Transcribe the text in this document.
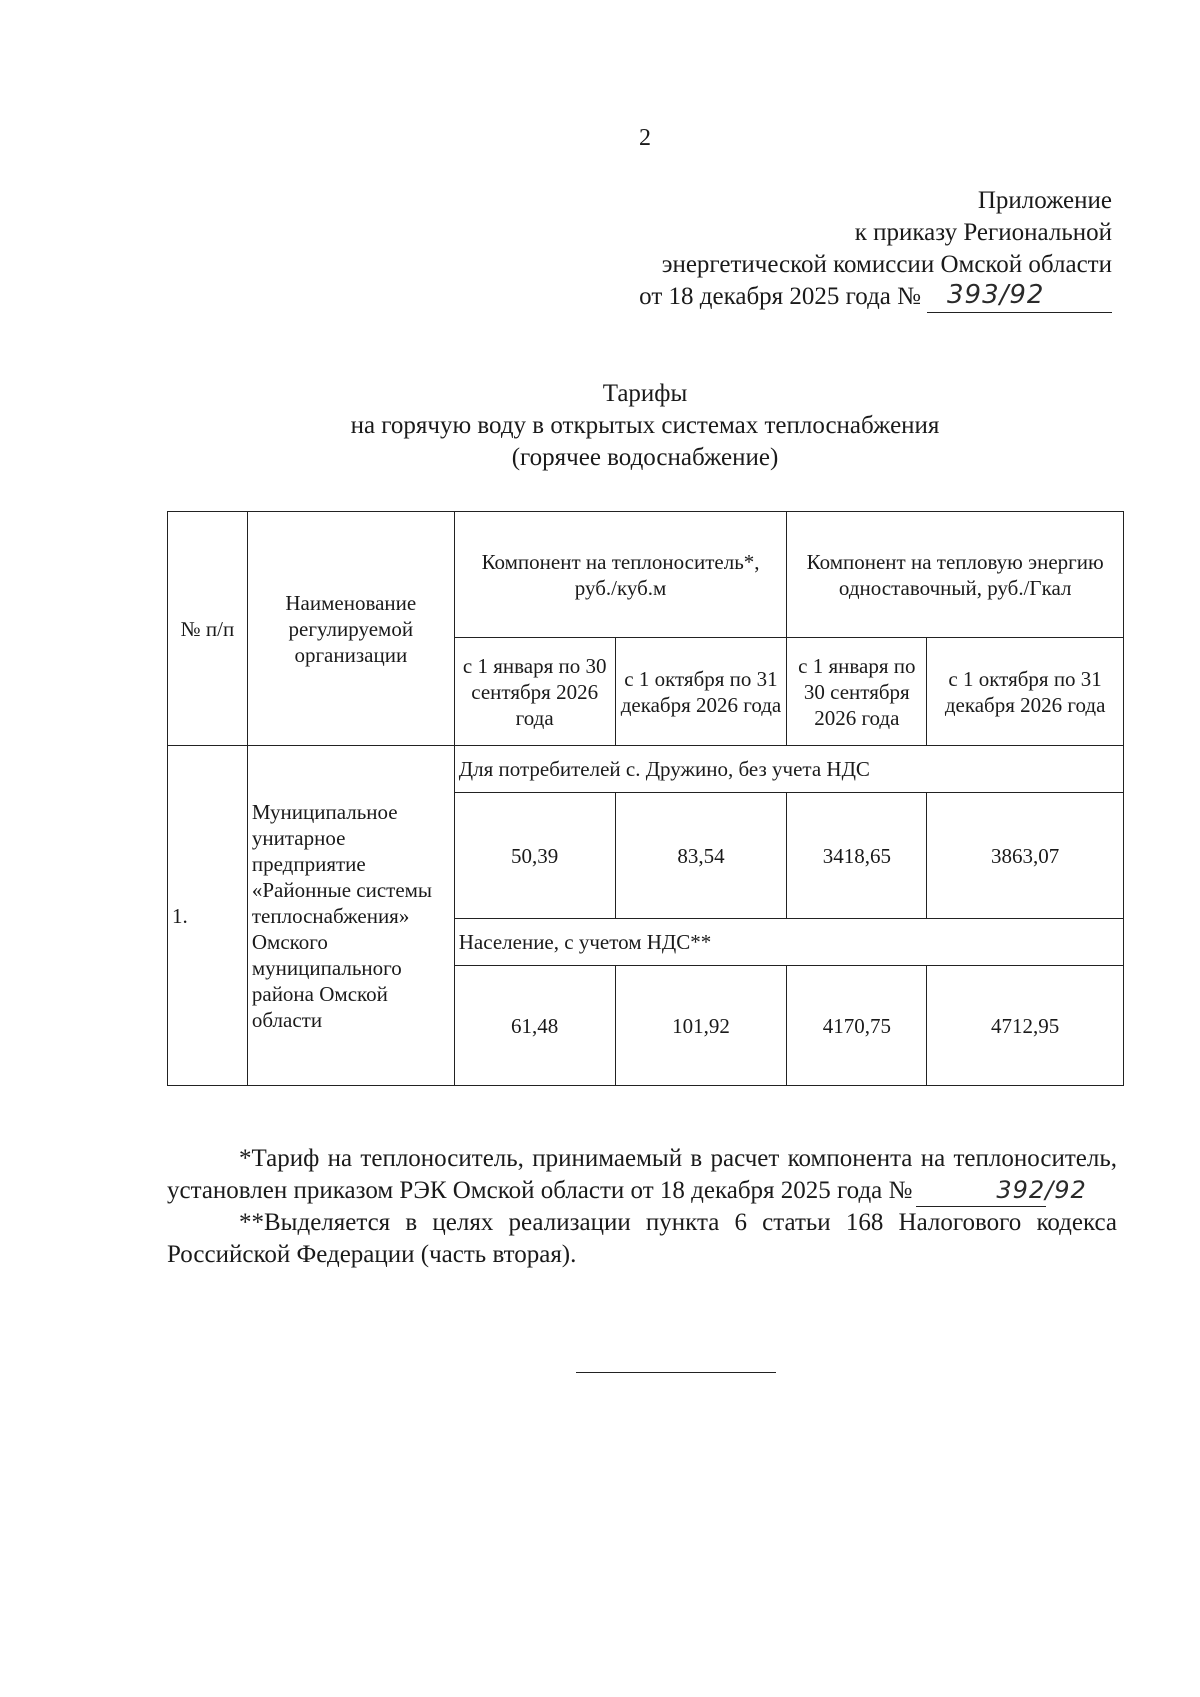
2
Приложение
к приказу Региональной
энергетической комиссии Омской области
от 18 декабря 2025 года № 393/92
Тарифы
на горячую воду в открытых системах теплоснабжения
(горячее водоснабжение)
№ п/п	Наименование регулируемой организации	Компонент на теплоноситель*, руб./куб.м		Компонент на тепловую энергию одноставочный, руб./Гкал	
		с 1 января по 30 сентября 2026 года	с 1 октября по 31 декабря 2026 года	с 1 января по 30 сентября 2026 года	с 1 октября по 31 декабря 2026 года
1.	Муниципальное унитарное предприятие «Районные системы теплоснабжения» Омского муниципального района Омской области	Для потребителей с. Дружино, без учета НДС			
		50,39	83,54	3418,65	3863,07
		Население, с учетом НДС**			
		61,48	101,92	4170,75	4712,95

*Тариф на теплоноситель, принимаемый в расчет компонента на теплоноситель, установлен приказом РЭК Омской области от 18 декабря 2025 года №	392/92

**Выделяется в целях реализации пункта 6 статьи 168 Налогового кодекса Российской Федерации (часть вторая).
